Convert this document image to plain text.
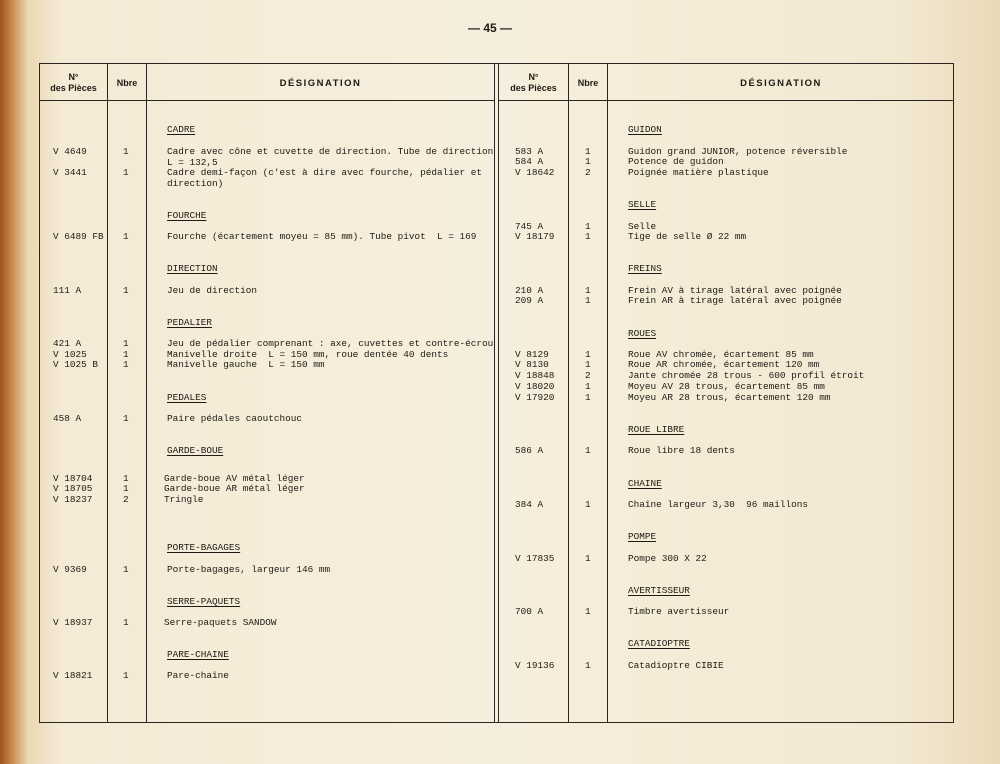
— 45 —
N°
des Pièces	Nbre	DÉSIGNATION
N°
des Pièces	Nbre	DÉSIGNATION
CADRE
V 4649	1	Cadre avec cône et cuvette de direction. Tube de direction
L = 132,5
V 3441	1	Cadre demi-façon (c'est à dire avec fourche, pédalier et
direction)
FOURCHE
V 6489 FB 1	Fourche (écartement moyeu = 85 mm). Tube pivot  L = 169
DIRECTION
111 A	1	Jeu de direction
PEDALIER
421 A	1	Jeu de pédalier comprenant : axe, cuvettes et contre-écrou
V 1025	1	Manivelle droite  L = 150 mm, roue dentée 40 dents
V 1025 B	1	Manivelle gauche  L = 150 mm
PEDALES
458 A	1	Paire pédales caoutchouc
GARDE-BOUE
V 18704	1	Garde-boue AV métal léger
V 18705	1	Garde-boue AR métal léger
V 18237	2	Tringle
PORTE-BAGAGES
V 9369	1	Porte-bagages, largeur 146 mm
SERRE-PAQUETS
V 18937	1	Serre-paquets SANDOW
PARE-CHAINE
V 18821	1	Pare-chaîne
GUIDON
583 A	1	Guidon grand JUNIOR, potence réversible
584 A	1	Potence de guidon
V 18642	2	Poignée matière plastique
SELLE
745 A	1	Selle
V 18179	1	Tige de selle Ø 22 mm
FREINS
210 A	1	Frein AV à tirage latéral avec poignée
209 A	1	Frein AR à tirage latéral avec poignée
ROUES
V 8129	1	Roue AV chromée, écartement 85 mm
V 8130	1	Roue AR chromée, écartement 120 mm
V 18848	2	Jante chromée 28 trous - 600 profil étroit
V 18020	1	Moyeu AV 28 trous, écartement 85 mm
V 17920	1	Moyeu AR 28 trous, écartement 120 mm
ROUE LIBRE
586 A	1	Roue libre 18 dents
CHAINE
384 A	1	Chaîne largeur 3,30  96 maillons
POMPE
V 17835	1	Pompe 300 X 22
AVERTISSEUR
700 A	1	Timbre avertisseur
CATADIOPTRE
V 19136	1	Catadioptre CIBIE
